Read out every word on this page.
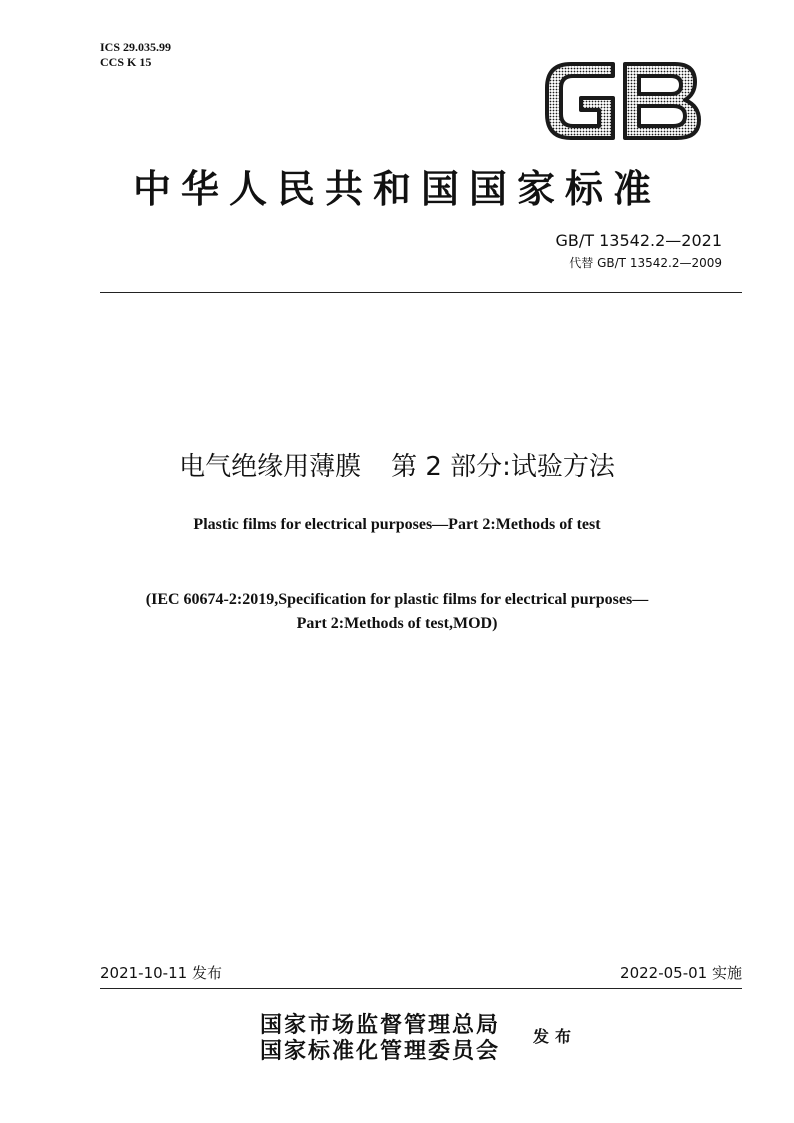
ICS 29.035.99
CCS K 15
中华人民共和国国家标准
GB/T 13542.2—2021
代替 GB/T 13542.2—2009
电气绝缘用薄膜 第 2 部分:试验方法
Plastic films for electrical purposes—Part 2:Methods of test
(IEC 60674-2:2019,Specification for plastic films for electrical purposes—
Part 2:Methods of test,MOD)
2021-10-11 发布	2022-05-01 实施
国家市场监督管理总局
国家标准化管理委员会
发布
